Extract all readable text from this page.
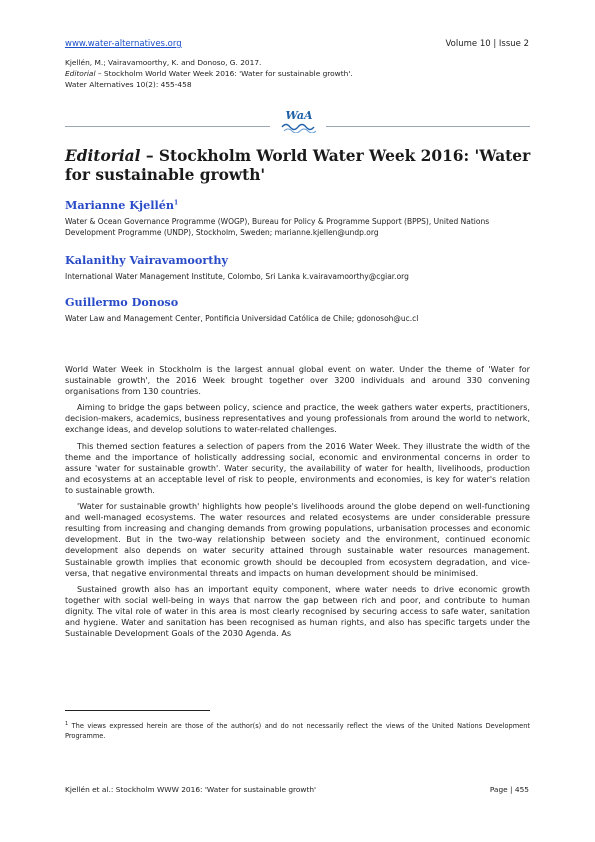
www.water-alternatives.org	Volume 10 | Issue 2
Kjellén, M.; Vairavamoorthy, K. and Donoso, G. 2017.
Editorial – Stockholm World Water Week 2016: 'Water for sustainable growth'.
Water Alternatives 10(2): 455-458
WaA
Editorial – Stockholm World Water Week 2016: 'Water for sustainable growth'
Marianne Kjellén$^1$
Water & Ocean Governance Programme (WOGP), Bureau for Policy & Programme Support (BPPS), United Nations Development Programme (UNDP), Stockholm, Sweden; marianne.kjellen@undp.org
Kalanithy Vairavamoorthy
International Water Management Institute, Colombo, Sri Lanka k.vairavamoorthy@cgiar.org
Guillermo Donoso
Water Law and Management Center, Pontificia Universidad Católica de Chile; gdonosoh@uc.cl

World Water Week in Stockholm is the largest annual global event on water. Under the theme of 'Water for sustainable growth', the 2016 Week brought together over 3200 individuals and around 330 convening organisations from 130 countries.

Aiming to bridge the gaps between policy, science and practice, the week gathers water experts, practitioners, decision-makers, academics, business representatives and young professionals from around the world to network, exchange ideas, and develop solutions to water-related challenges.

This themed section features a selection of papers from the 2016 Water Week. They illustrate the width of the theme and the importance of holistically addressing social, economic and environmental concerns in order to assure 'water for sustainable growth'. Water security, the availability of water for health, livelihoods, production and ecosystems at an acceptable level of risk to people, environments and economies, is key for water's relation to sustainable growth.

'Water for sustainable growth' highlights how people's livelihoods around the globe depend on well-functioning and well-managed ecosystems. The water resources and related ecosystems are under considerable pressure resulting from increasing and changing demands from growing populations, urbanisation processes and economic development. But in the two-way relationship between society and the environment, continued economic development also depends on water security attained through sustainable water resources management. Sustainable growth implies that economic growth should be decoupled from ecosystem degradation, and vice-versa, that negative environmental threats and impacts on human development should be minimised.

Sustained growth also has an important equity component, where water needs to drive economic growth together with social well-being in ways that narrow the gap between rich and poor, and contribute to human dignity. The vital role of water in this area is most clearly recognised by securing access to safe water, sanitation and hygiene. Water and sanitation has been recognised as human rights, and also has specific targets under the Sustainable Development Goals of the 2030 Agenda. As

$^1$ The views expressed herein are those of the author(s) and do not necessarily reflect the views of the United Nations Development Programme.
Kjellén et al.: Stockholm WWW 2016: 'Water for sustainable growth'	Page | 455
